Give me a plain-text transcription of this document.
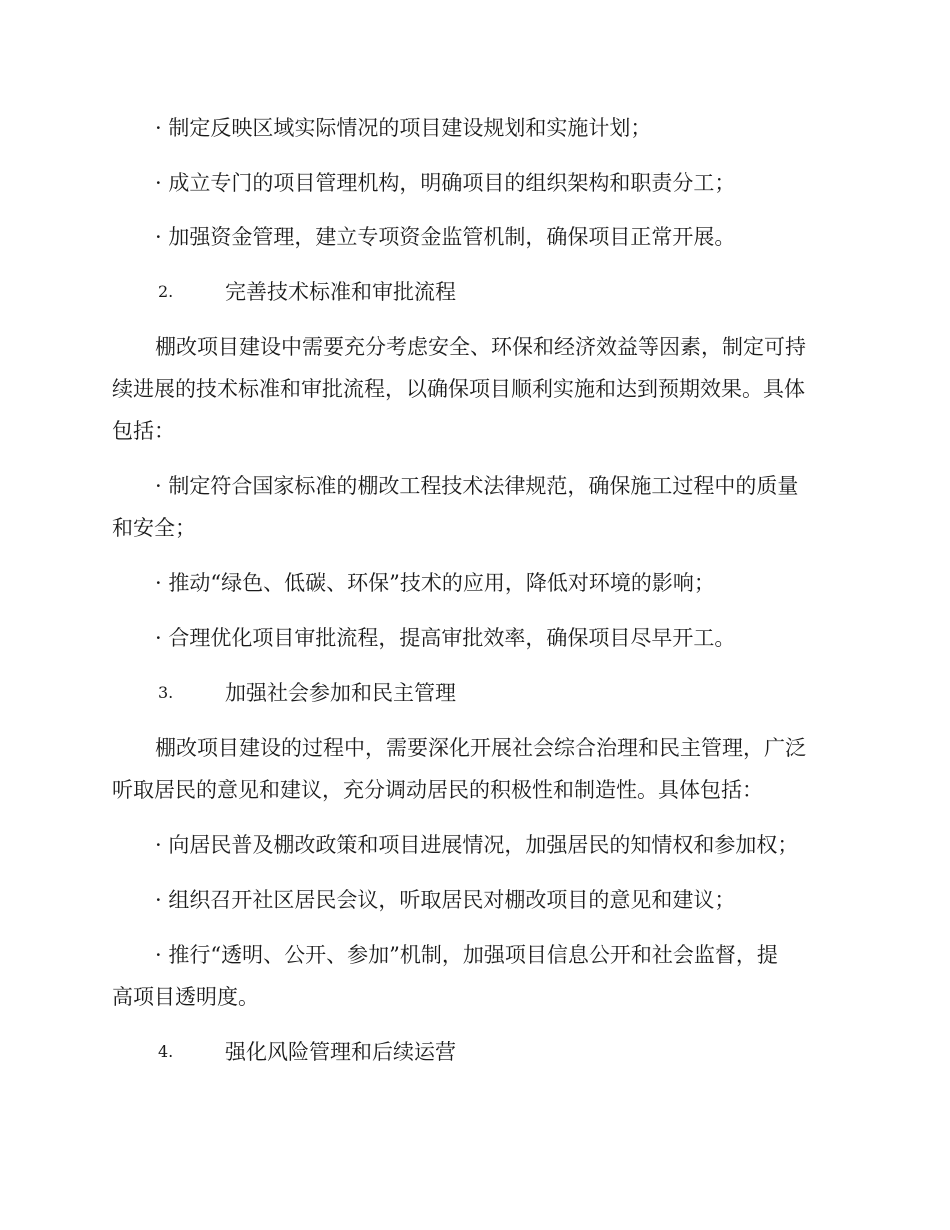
· 制定反映区域实际情况的项目建设规划和实施计划；
· 成立专门的项目管理机构，明确项目的组织架构和职责分工；
· 加强资金管理，建立专项资金监管机制，确保项目正常开展。
2. 完善技术标准和审批流程
棚改项目建设中需要充分考虑安全、环保和经济效益等因素，制定可持
续进展的技术标准和审批流程，以确保项目顺利实施和达到预期效果。具体
包括：
· 制定符合国家标准的棚改工程技术法律规范，确保施工过程中的质量
和安全；
· 推动“绿色、低碳、环保”技术的应用，降低对环境的影响；
· 合理优化项目审批流程，提高审批效率，确保项目尽早开工。
3. 加强社会参加和民主管理
棚改项目建设的过程中，需要深化开展社会综合治理和民主管理，广泛
听取居民的意见和建议，充分调动居民的积极性和制造性。具体包括：
· 向居民普及棚改政策和项目进展情况，加强居民的知情权和参加权；
· 组织召开社区居民会议，听取居民对棚改项目的意见和建议；
· 推行“透明、公开、参加”机制，加强项目信息公开和社会监督，提
高项目透明度。
4. 强化风险管理和后续运营
